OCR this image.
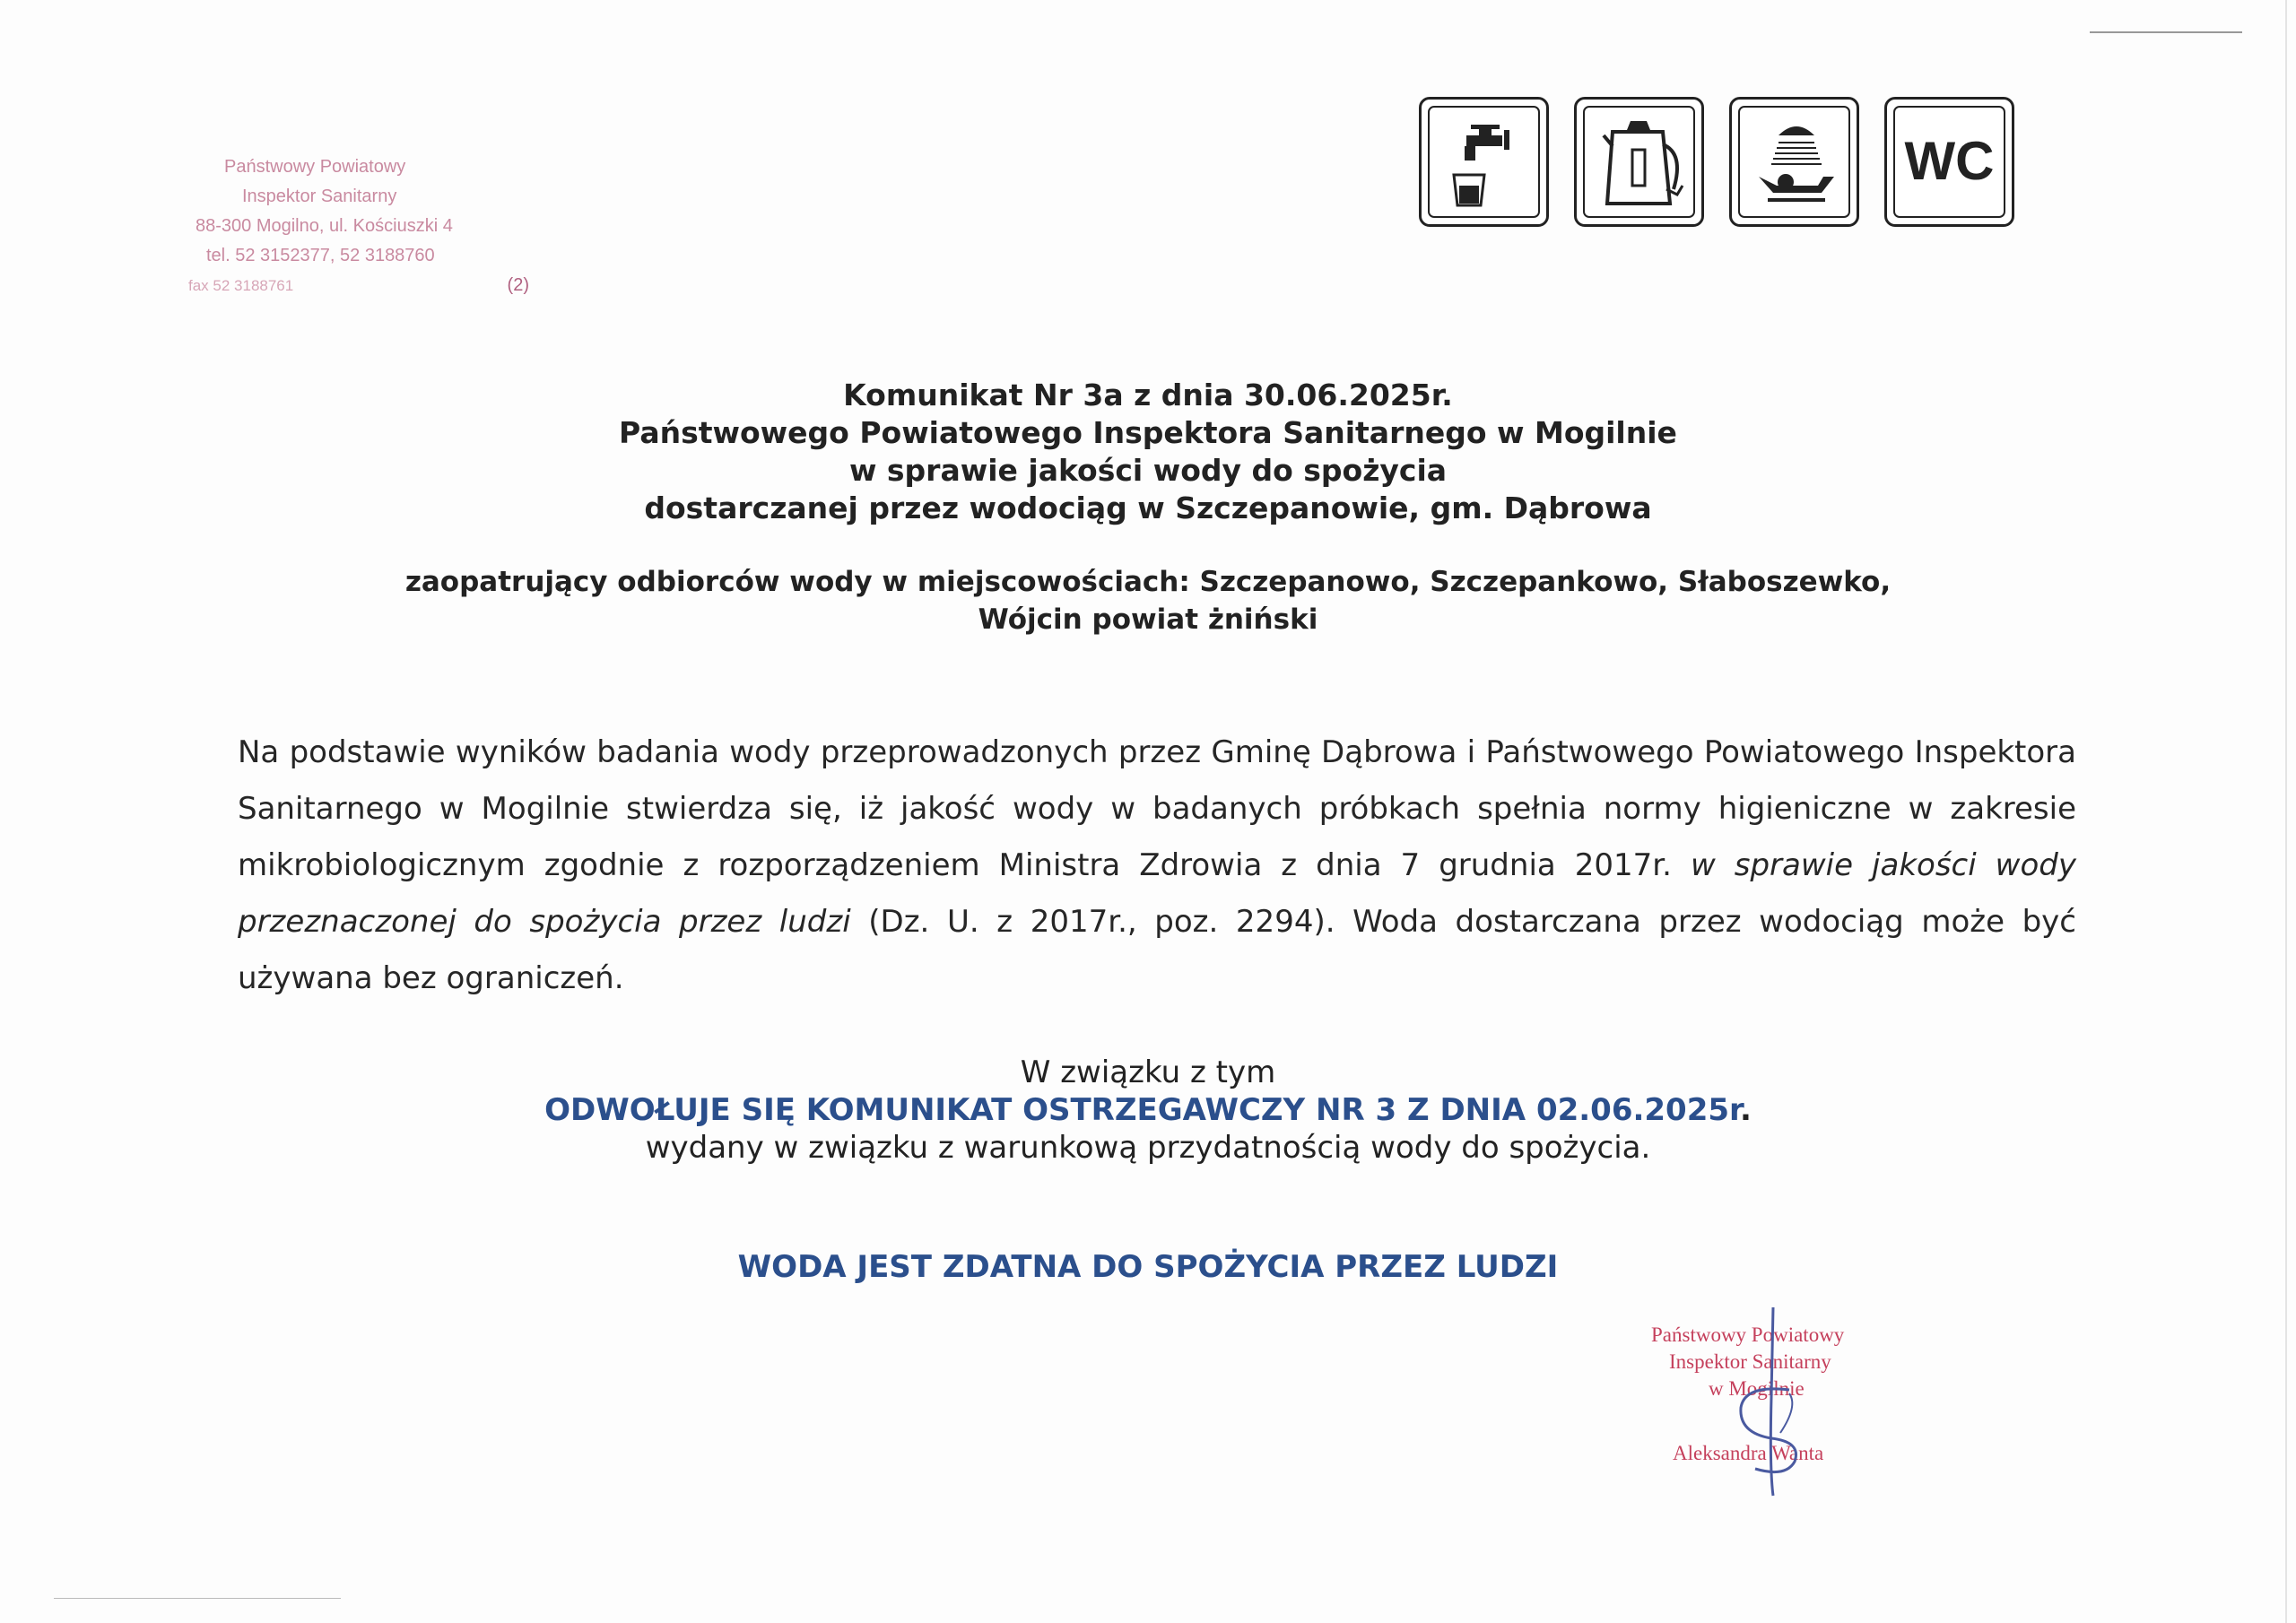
Państwowy Powiatowy
Inspektor Sanitarny
88-300 Mogilno, ul. Kościuszki 4
tel. 52 3152377, 52 3188760
fax 52 3188761	(2)
WC
Komunikat Nr 3a z dnia 30.06.2025r.
Państwowego Powiatowego Inspektora Sanitarnego w Mogilnie
w sprawie jakości wody do spożycia
dostarczanej przez wodociąg w Szczepanowie, gm. Dąbrowa
zaopatrujący odbiorców wody w miejscowościach: Szczepanowo, Szczepankowo, Słaboszewko,
Wójcin powiat żniński
Na podstawie wyników badania wody przeprowadzonych przez Gminę Dąbrowa i Państwowego Powiatowego Inspektora Sanitarnego w Mogilnie stwierdza się, iż jakość wody w badanych próbkach spełnia normy higieniczne w zakresie mikrobiologicznym zgodnie z rozporządzeniem Ministra Zdrowia z dnia 7 grudnia 2017r. w sprawie jakości wody przeznaczonej do spożycia przez ludzi (Dz. U. z 2017r., poz. 2294). Woda dostarczana przez wodociąg może być używana bez ograniczeń.
W związku z tym
ODWOŁUJE SIĘ KOMUNIKAT OSTRZEGAWCZY NR 3 Z DNIA 02.06.2025r.
wydany w związku z warunkową przydatnością wody do spożycia.
WODA JEST ZDATNA DO SPOŻYCIA PRZEZ LUDZI
Państwowy Powiatowy
Inspektor Sanitarny
w Mogilnie
Aleksandra Wanta
